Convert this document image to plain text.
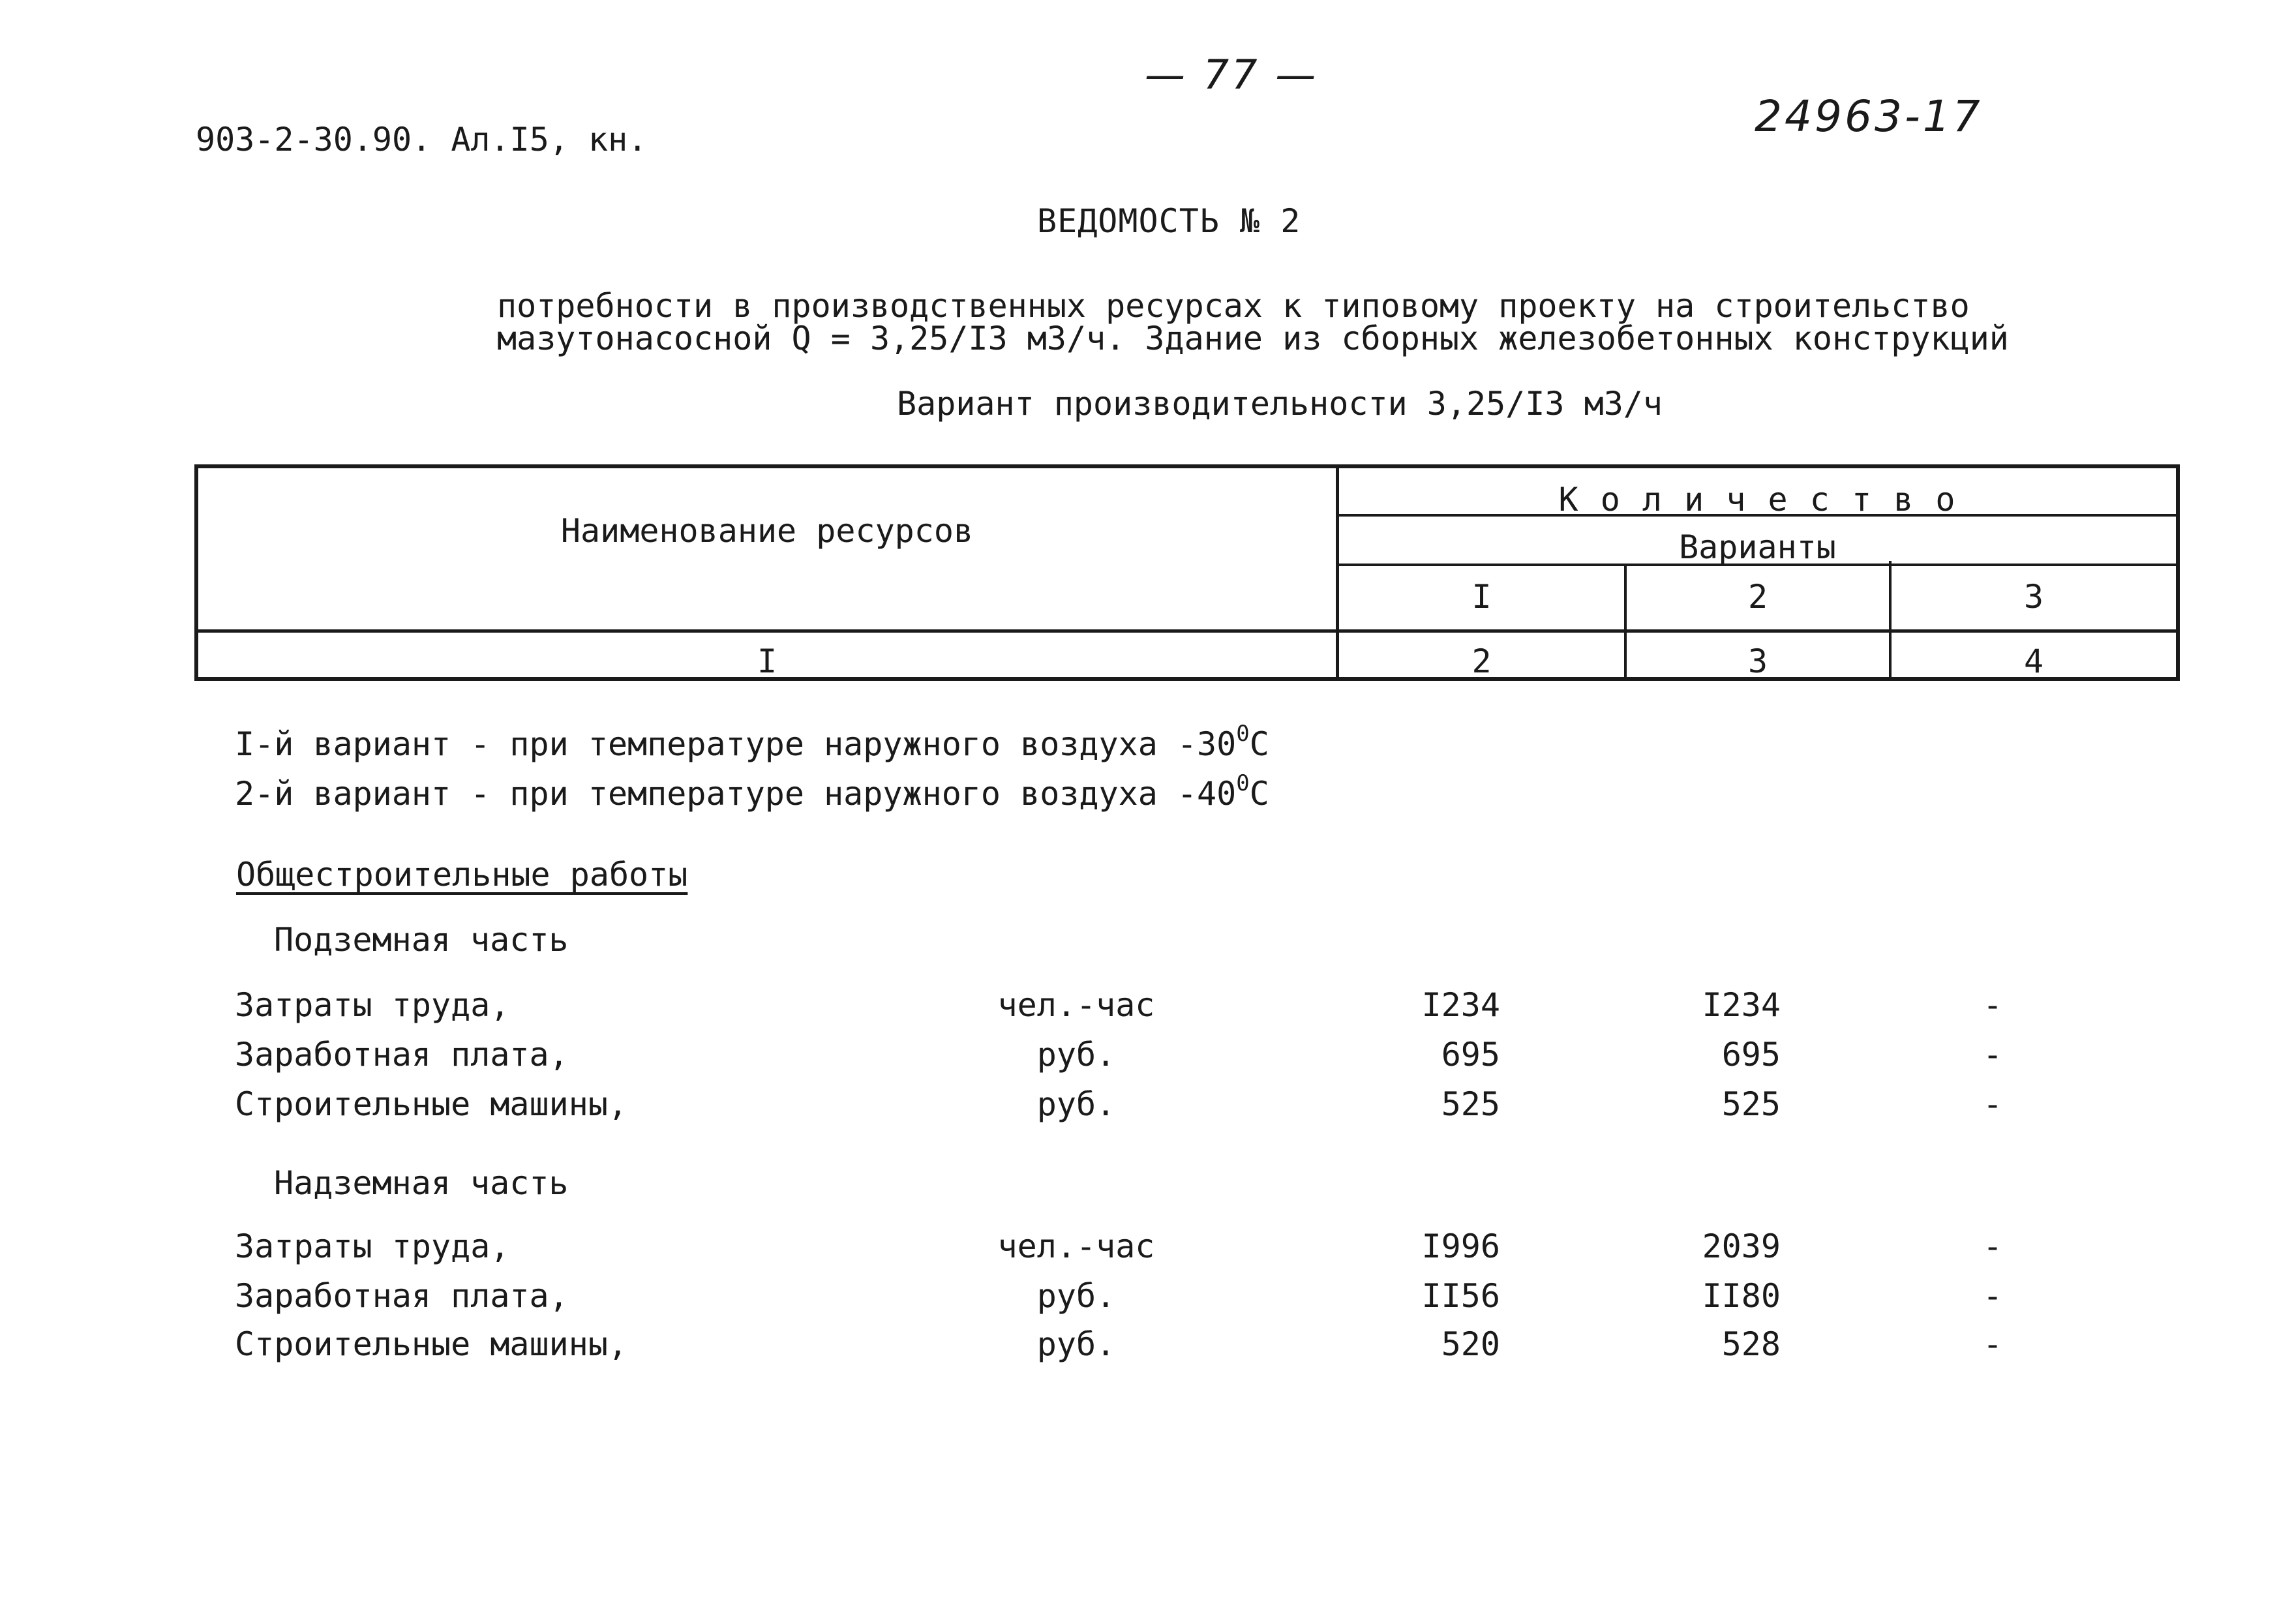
— 77 —
903-2-30.90. Ал.I5, кн.	24963-17
ВЕДОМОСТЬ № 2
потребности в производственных ресурсах к типовому проекту на строительство
мазутонасосной Q = 3,25/I3 м3/ч. Здание из сборных железобетонных конструкций
Вариант производительности 3,25/I3 м3/ч
Наименование ресурсов
К о л и ч е с т в о
Варианты
I	2	3
I	2	3	4
I-й вариант - при температуре наружного воздуха $-30^0C$
2-й вариант - при температуре наружного воздуха $-40^0C$
Общестроительные работы
Подземная часть
Затраты труда,	чел.-час	I234	I234	-
Заработная плата,	руб.	695	695	-
Строительные машины,	руб.	525	525	-
Надземная часть
Затраты труда,	чел.-час	I996	2039	-
Заработная плата,	руб.	II56	II80	-
Строительные машины,	руб.	520	528	-
